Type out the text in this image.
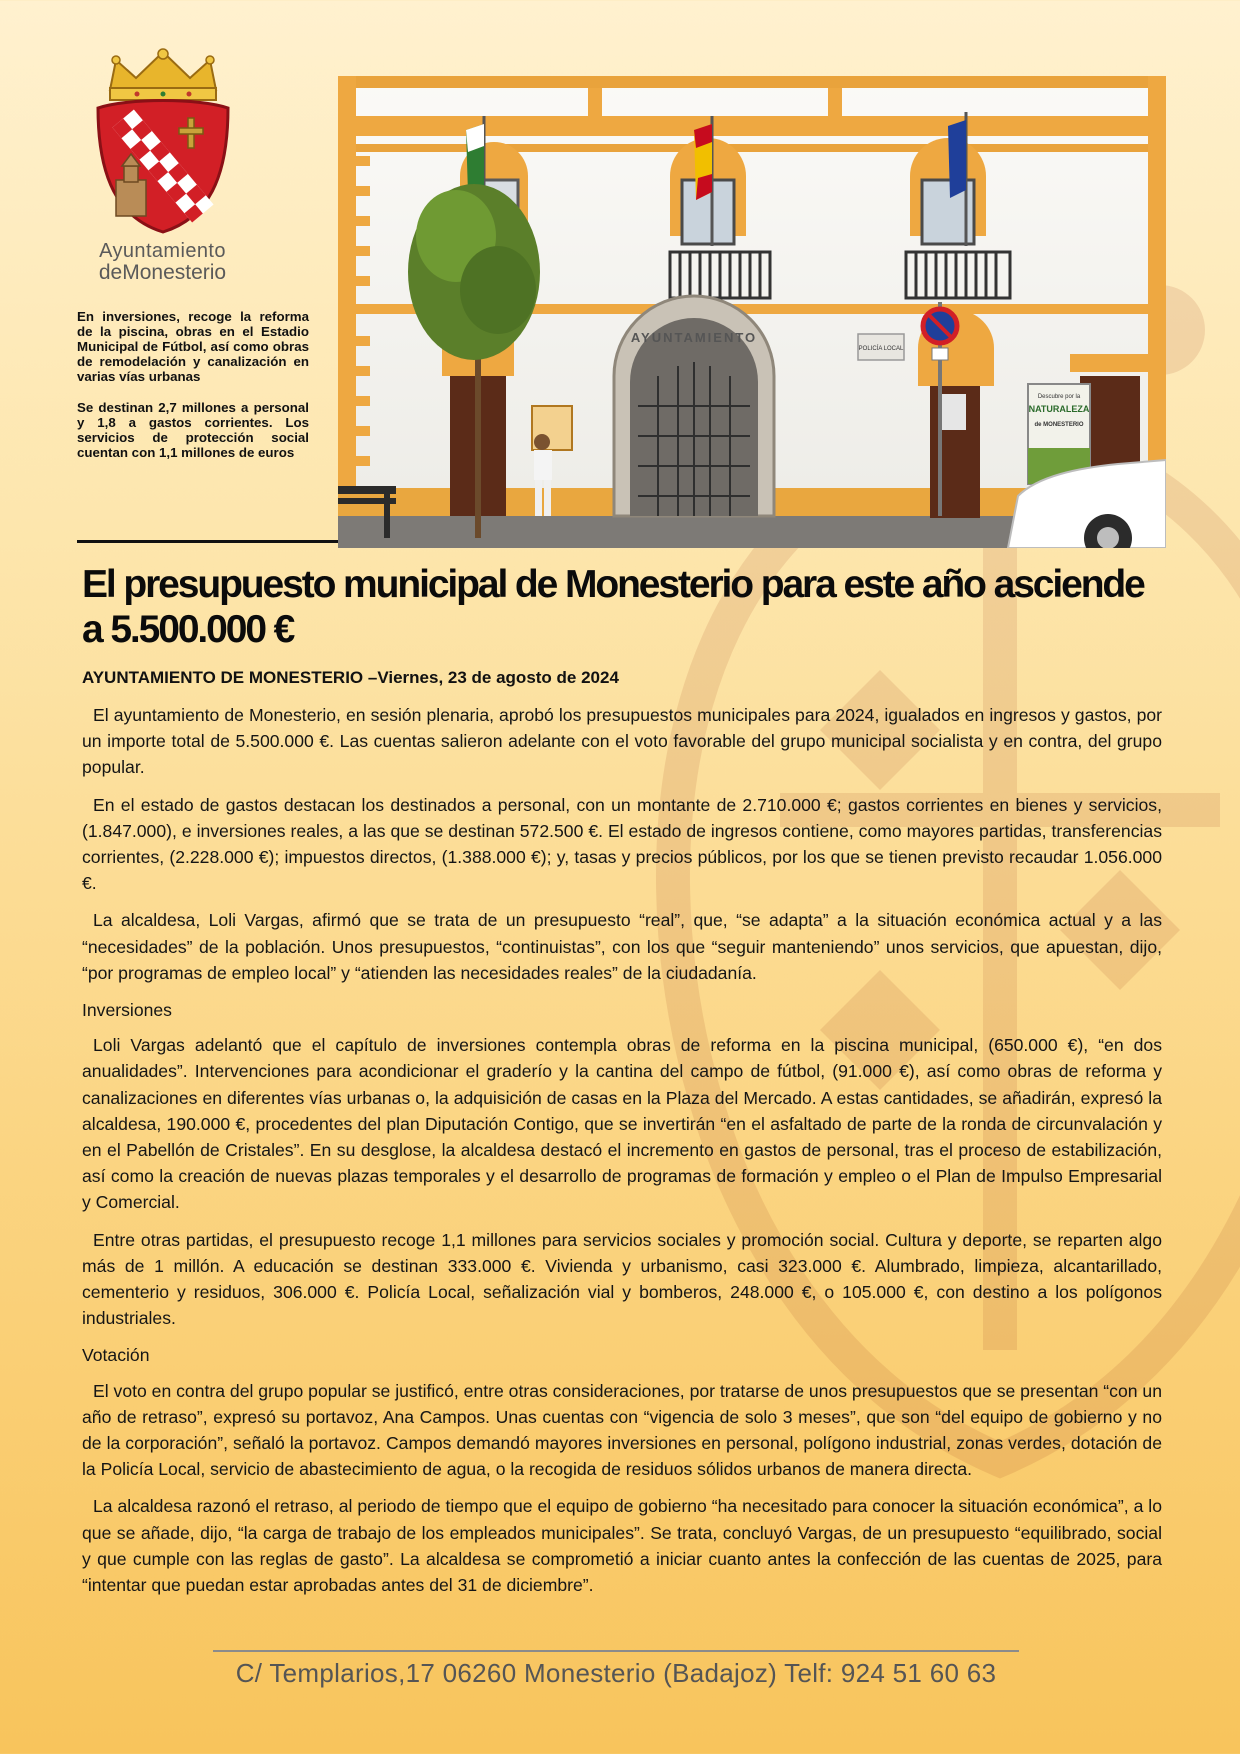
Ayuntamiento
deMonesterio

En inversiones, recoge la reforma de la piscina, obras en el Estadio Municipal de Fútbol, así como obras de remodelación y canalización en varias vías urbanas

Se destinan 2,7 millones a personal y 1,8 a gastos corrientes. Los servicios de protección social cuentan con 1,1 millones de euros

AYUNTAMIENTO
POLICÍA LOCAL
Descubre por la
NATURALEZA
de MONESTERIO
El presupuesto municipal de Monesterio para este año asciende a 5.500.000 €

AYUNTAMIENTO DE MONESTERIO –Viernes, 23 de agosto de 2024

El ayuntamiento de Monesterio, en sesión plenaria, aprobó los presupuestos municipales para 2024, igualados en ingresos y gastos, por un importe total de 5.500.000 €. Las cuentas salieron adelante con el voto favorable del grupo municipal socialista y en contra, del grupo popular.

En el estado de gastos destacan los destinados a personal, con un montante de 2.710.000 €; gastos corrientes en bienes y servicios, (1.847.000), e inversiones reales, a las que se destinan 572.500 €. El estado de ingresos contiene, como mayores partidas, transferencias corrientes, (2.228.000 €); impuestos directos, (1.388.000 €); y, tasas y precios públicos, por los que se tienen previsto recaudar 1.056.000 €.

La alcaldesa, Loli Vargas, afirmó que se trata de un presupuesto “real”, que, “se adapta” a la situación económica actual y a las “necesidades” de la población. Unos presupuestos, “continuistas”, con los que “seguir manteniendo” unos servicios, que apuestan, dijo, “por programas de empleo local” y “atienden las necesidades reales” de la ciudadanía.

Inversiones

Loli Vargas adelantó que el capítulo de inversiones contempla obras de reforma en la piscina municipal, (650.000 €), “en dos anualidades”. Intervenciones para acondicionar el graderío y la cantina del campo de fútbol, (91.000 €), así como obras de reforma y canalizaciones en diferentes vías urbanas o, la adquisición de casas en la Plaza del Mercado. A estas cantidades, se añadirán, expresó la alcaldesa, 190.000 €, procedentes del plan Diputación Contigo, que se invertirán “en el asfaltado de parte de la ronda de circunvalación y en el Pabellón de Cristales”. En su desglose, la alcaldesa destacó el incremento en gastos de personal, tras el proceso de estabilización, así como la creación de nuevas plazas temporales y el desarrollo de programas de formación y empleo o el Plan de Impulso Empresarial y Comercial.

Entre otras partidas, el presupuesto recoge 1,1 millones para servicios sociales y promoción social. Cultura y deporte, se reparten algo más de 1 millón. A educación se destinan 333.000 €. Vivienda y urbanismo, casi 323.000 €. Alumbrado, limpieza, alcantarillado, cementerio y residuos, 306.000 €. Policía Local, señalización vial y bomberos, 248.000 €, o 105.000 €, con destino a los polígonos industriales.

Votación

El voto en contra del grupo popular se justificó, entre otras consideraciones, por tratarse de unos presupuestos que se presentan “con un año de retraso”, expresó su portavoz, Ana Campos. Unas cuentas con “vigencia de solo 3 meses”, que son “del equipo de gobierno y no de la corporación”, señaló la portavoz. Campos demandó mayores inversiones en personal, polígono industrial, zonas verdes, dotación de la Policía Local, servicio de abastecimiento de agua, o la recogida de residuos sólidos urbanos de manera directa.

La alcaldesa razonó el retraso, al periodo de tiempo que el equipo de gobierno “ha necesitado para conocer la situación económica”, a lo que se añade, dijo, “la carga de trabajo de los empleados municipales”. Se trata, concluyó Vargas, de un presupuesto “equilibrado, social y que cumple con las reglas de gasto”. La alcaldesa se comprometió a iniciar cuanto antes la confección de las cuentas de 2025, para “intentar que puedan estar aprobadas antes del 31 de diciembre”.

C/ Templarios,17 06260 Monesterio (Badajoz) Telf: 924 51 60 63
